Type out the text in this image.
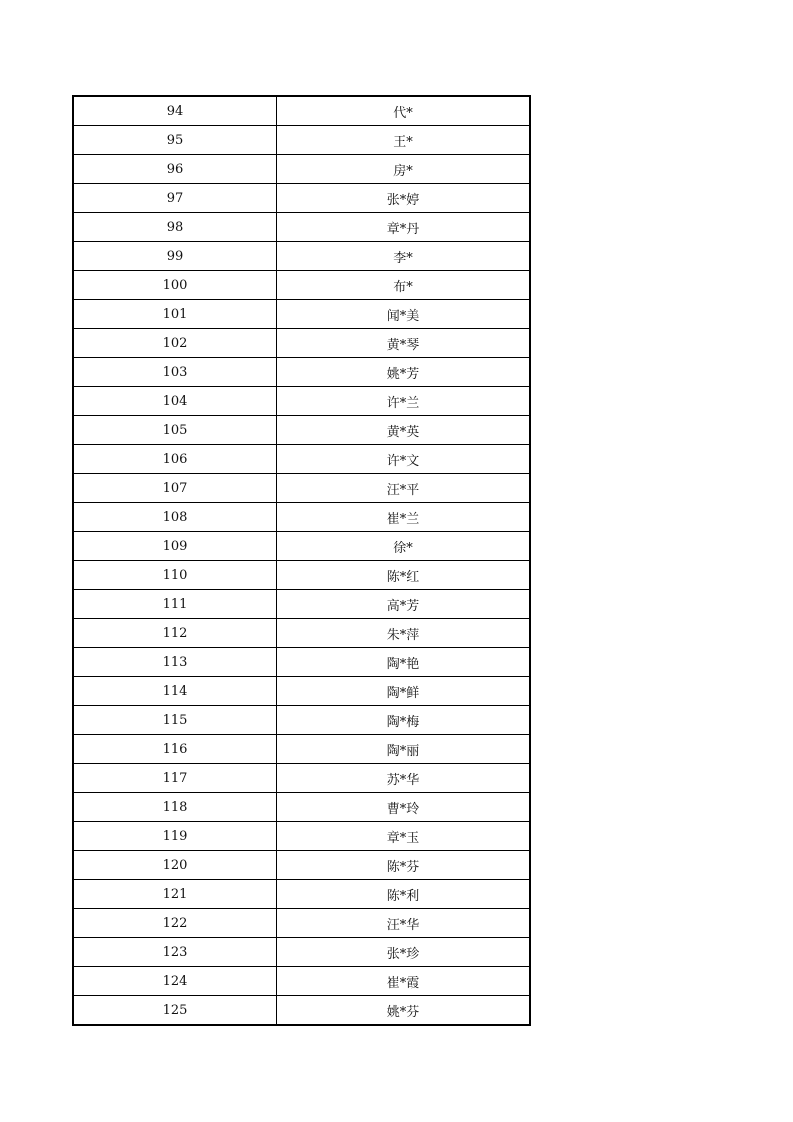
94	代*
95	王*
96	房*
97	张*婷
98	章*丹
99	李*
100	布*
101	闻*美
102	黄*琴
103	姚*芳
104	许*兰
105	黄*英
106	许*文
107	汪*平
108	崔*兰
109	徐*
110	陈*红
111	高*芳
112	朱*萍
113	陶*艳
114	陶*鲜
115	陶*梅
116	陶*丽
117	苏*华
118	曹*玲
119	章*玉
120	陈*芬
121	陈*利
122	汪*华
123	张*珍
124	崔*霞
125	姚*芬
